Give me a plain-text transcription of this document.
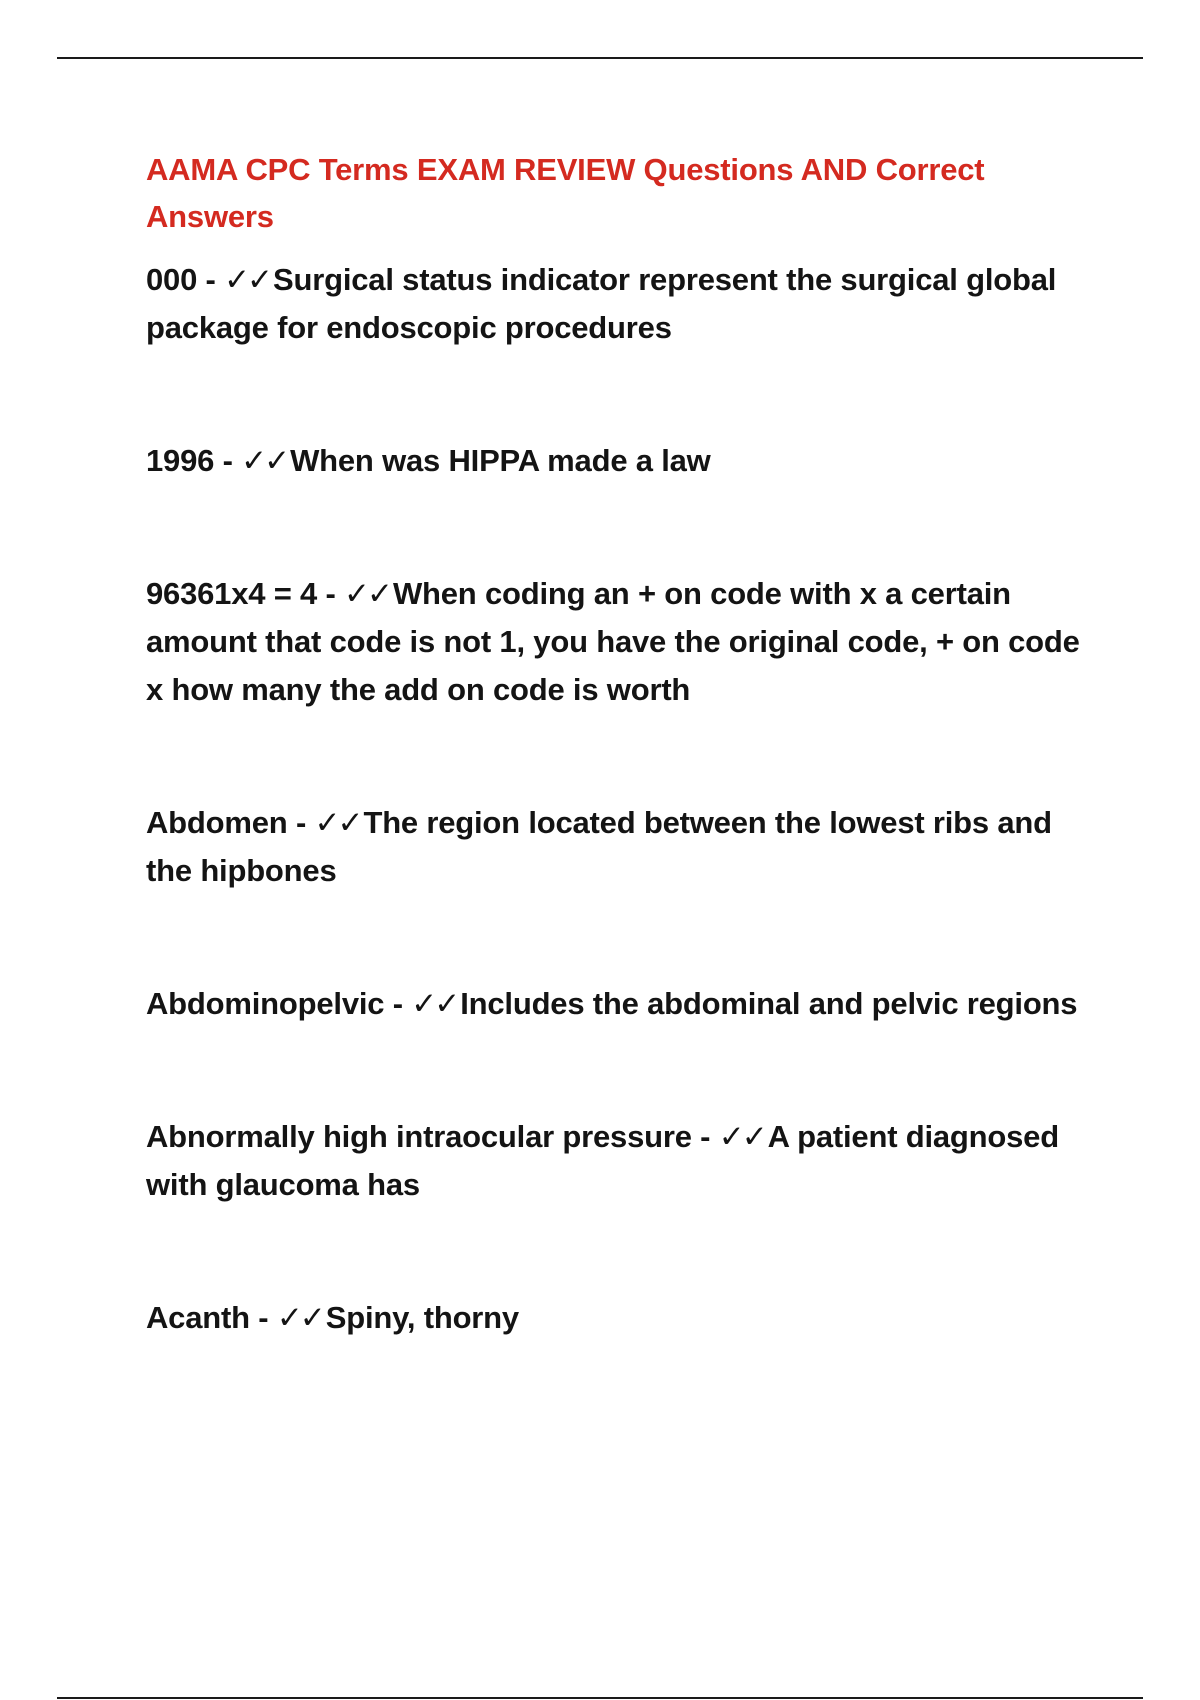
AAMA CPC Terms EXAM REVIEW Questions AND Correct Answers

000 - ✓✓Surgical status indicator represent the surgical global package for endoscopic procedures

1996 - ✓✓When was HIPPA made a law

96361x4 = 4 - ✓✓When coding an + on code with x a certain amount that code is not 1, you have the original code, + on code x how many the add on code is worth

Abdomen - ✓✓The region located between the lowest ribs and the hipbones

Abdominopelvic - ✓✓Includes the abdominal and pelvic regions

Abnormally high intraocular pressure - ✓✓A patient diagnosed with glaucoma has

Acanth - ✓✓Spiny, thorny
